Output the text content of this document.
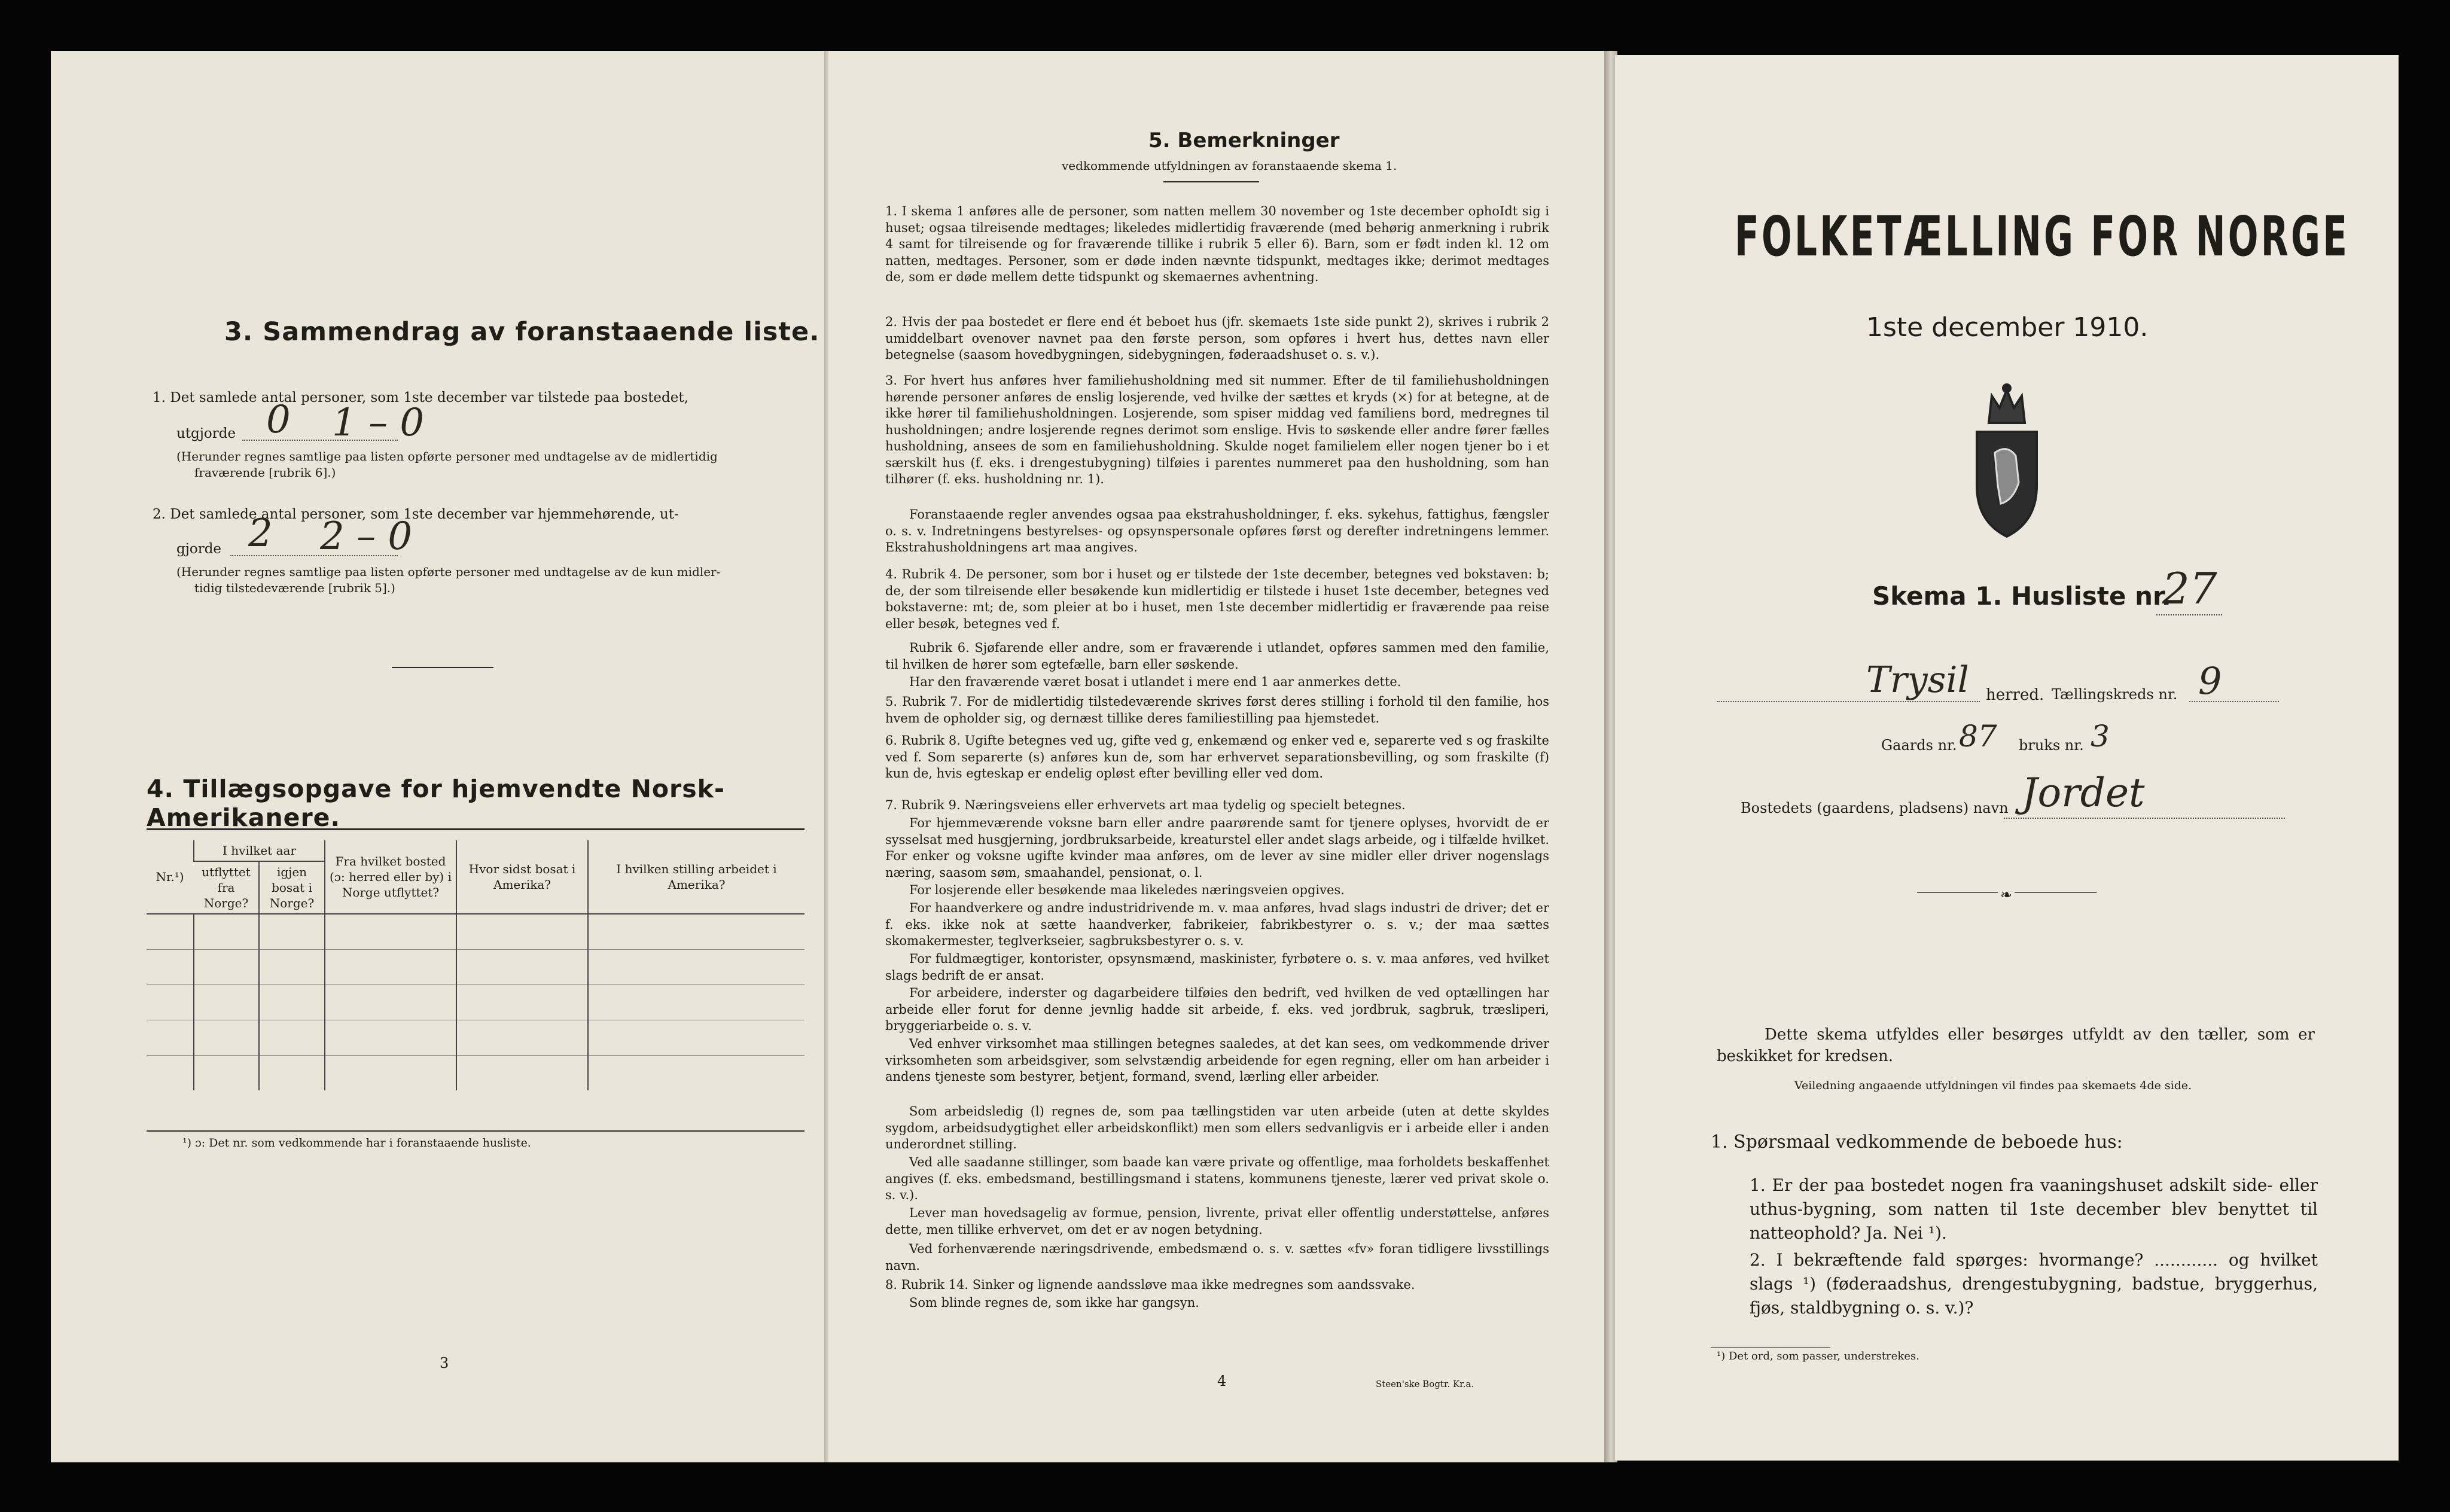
3. Sammendrag av foranstaaende liste.
1. Det samlede antal personer, som 1ste december var tilstede paa bostedet,
utgjorde 0 1 – 0
(Herunder regnes samtlige paa listen opførte personer med undtagelse av de midlertidig
fraværende [rubrik 6].)
2. Det samlede antal personer, som 1ste december var hjemmehørende, ut-
gjorde 2 2 – 0
(Herunder regnes samtlige paa listen opførte personer med undtagelse av de kun midler-
tidig tilstedeværende [rubrik 5].)
4. Tillægsopgave for hjemvendte Norsk-Amerikanere.
Nr.¹)	I hvilket aar		Fra hvilket bosted (ɔ: herred eller by) i Norge utflyttet?	Hvor sidst bosat i Amerika?	I hvilken stilling arbeidet i Amerika?
	utflyttet fra Norge?	igjen bosat i Norge?			

¹) ɔ: Det nr. som vedkommende har i foranstaaende husliste.
3
5. Bemerkninger
vedkommende utfyldningen av foranstaaende skema 1.
1. I skema 1 anføres alle de personer, som natten mellem 30 november og 1ste december ophoIdt sig i huset; ogsaa tilreisende medtages; likeledes midlertidig fraværende (med behørig anmerkning i rubrik 4 samt for tilreisende og for fraværende tillike i rubrik 5 eller 6). Barn, som er født inden kl. 12 om natten, medtages. Personer, som er døde inden nævnte tidspunkt, medtages ikke; derimot medtages de, som er døde mellem dette tidspunkt og skemaernes avhentning.
2. Hvis der paa bostedet er flere end ét beboet hus (jfr. skemaets 1ste side punkt 2), skrives i rubrik 2 umiddelbart ovenover navnet paa den første person, som opføres i hvert hus, dettes navn eller betegnelse (saasom hovedbygningen, sidebygningen, føderaadshuset o. s. v.).
3. For hvert hus anføres hver familiehusholdning med sit nummer. Efter de til familiehusholdningen hørende personer anføres de enslig losjerende, ved hvilke der sættes et kryds (×) for at betegne, at de ikke hører til familiehusholdningen. Losjerende, som spiser middag ved familiens bord, medregnes til husholdningen; andre losjerende regnes derimot som enslige. Hvis to søskende eller andre fører fælles husholdning, ansees de som en familiehusholdning. Skulde noget familielem eller nogen tjener bo i et særskilt hus (f. eks. i drengestubygning) tilføies i parentes nummeret paa den husholdning, som han tilhører (f. eks. husholdning nr. 1).
Foranstaaende regler anvendes ogsaa paa ekstrahusholdninger, f. eks. sykehus, fattighus, fængsler o. s. v. Indretningens bestyrelses- og opsynspersonale opføres først og derefter indretningens lemmer. Ekstrahusholdningens art maa angives.
4. Rubrik 4. De personer, som bor i huset og er tilstede der 1ste december, betegnes ved bokstaven: b; de, der som tilreisende eller besøkende kun midlertidig er tilstede i huset 1ste december, betegnes ved bokstaverne: mt; de, som pleier at bo i huset, men 1ste december midlertidig er fraværende paa reise eller besøk, betegnes ved f.
Rubrik 6. Sjøfarende eller andre, som er fraværende i utlandet, opføres sammen med den familie, til hvilken de hører som egtefælle, barn eller søskende.
Har den fraværende været bosat i utlandet i mere end 1 aar anmerkes dette.
5. Rubrik 7. For de midlertidig tilstedeværende skrives først deres stilling i forhold til den familie, hos hvem de opholder sig, og dernæst tillike deres familiestilling paa hjemstedet.
6. Rubrik 8. Ugifte betegnes ved ug, gifte ved g, enkemænd og enker ved e, separerte ved s og fraskilte ved f. Som separerte (s) anføres kun de, som har erhvervet separationsbevilling, og som fraskilte (f) kun de, hvis egteskap er endelig opløst efter bevilling eller ved dom.
7. Rubrik 9. Næringsveiens eller erhvervets art maa tydelig og specielt betegnes.
For hjemmeværende voksne barn eller andre paarørende samt for tjenere oplyses, hvorvidt de er sysselsat med husgjerning, jordbruksarbeide, kreaturstel eller andet slags arbeide, og i tilfælde hvilket. For enker og voksne ugifte kvinder maa anføres, om de lever av sine midler eller driver nogenslags næring, saasom søm, smaahandel, pensionat, o. l.
For losjerende eller besøkende maa likeledes næringsveien opgives.
For haandverkere og andre industridrivende m. v. maa anføres, hvad slags industri de driver; det er f. eks. ikke nok at sætte haandverker, fabrikeier, fabrikbestyrer o. s. v.; der maa sættes skomakermester, teglverkseier, sagbruksbestyrer o. s. v.
For fuldmægtiger, kontorister, opsynsmænd, maskinister, fyrbøtere o. s. v. maa anføres, ved hvilket slags bedrift de er ansat.
For arbeidere, inderster og dagarbeidere tilføies den bedrift, ved hvilken de ved optællingen har arbeide eller forut for denne jevnlig hadde sit arbeide, f. eks. ved jordbruk, sagbruk, træsliperi, bryggeriarbeide o. s. v.
Ved enhver virksomhet maa stillingen betegnes saaledes, at det kan sees, om vedkommende driver virksomheten som arbeidsgiver, som selvstændig arbeidende for egen regning, eller om han arbeider i andens tjeneste som bestyrer, betjent, formand, svend, lærling eller arbeider.
Som arbeidsledig (l) regnes de, som paa tællingstiden var uten arbeide (uten at dette skyldes sygdom, arbeidsudygtighet eller arbeidskonflikt) men som ellers sedvanligvis er i arbeide eller i anden underordnet stilling.
Ved alle saadanne stillinger, som baade kan være private og offentlige, maa forholdets beskaffenhet angives (f. eks. embedsmand, bestillingsmand i statens, kommunens tjeneste, lærer ved privat skole o. s. v.).
Lever man hovedsagelig av formue, pension, livrente, privat eller offentlig understøttelse, anføres dette, men tillike erhvervet, om det er av nogen betydning.
Ved forhenværende næringsdrivende, embedsmænd o. s. v. sættes «fv» foran tidligere livsstillings navn.
8. Rubrik 14. Sinker og lignende aandssløve maa ikke medregnes som aandssvake.
Som blinde regnes de, som ikke har gangsyn.
4	Steen'ske Bogtr. Kr.a.
FOLKETÆLLING FOR NORGE
1ste december 1910.
Skema 1. Husliste nr.
27
Trysil herred. Tællingskreds nr. 9
Gaards nr. 87 bruks nr. 3
Bostedets (gaardens, pladsens) navn Jordet
❧
Dette skema utfyldes eller besørges utfyldt av den tæller, som er beskikket for kredsen.
Veiledning angaaende utfyldningen vil findes paa skemaets 4de side.
1. Spørsmaal vedkommende de beboede hus:
1. Er der paa bostedet nogen fra vaaningshuset adskilt side- eller uthus-bygning, som natten til 1ste december blev benyttet til natteophold? Ja. Nei ¹).
2. I bekræftende fald spørges: hvormange? ............ og hvilket slags ¹) (føderaadshus, drengestubygning, badstue, bryggerhus, fjøs, staldbygning o. s. v.)?
¹) Det ord, som passer, understrekes.
